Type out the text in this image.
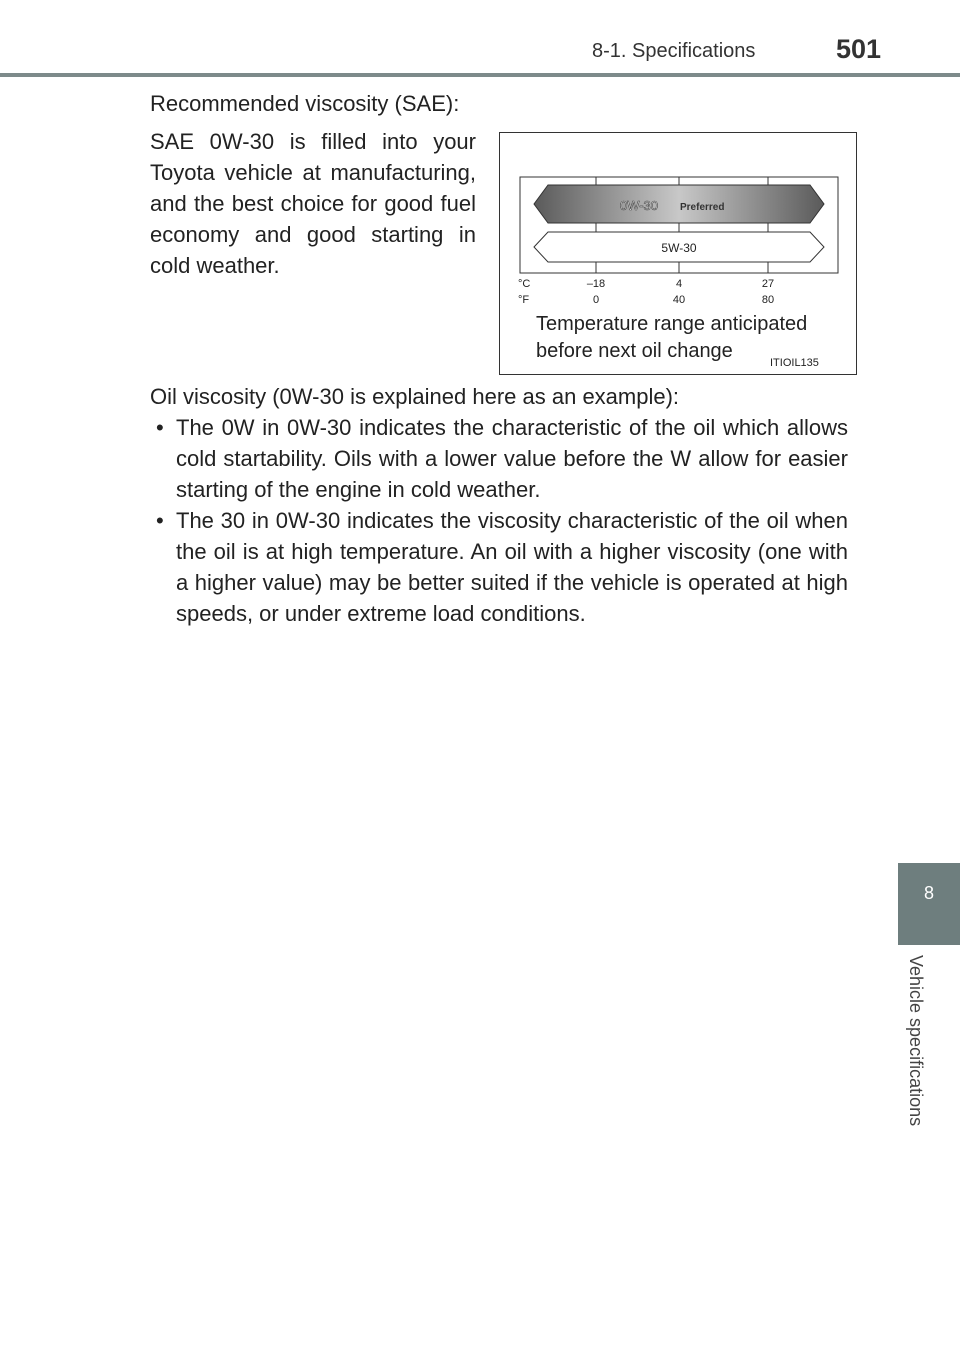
8-1. Specifications	501
8
Vehicle specifications
Recommended viscosity (SAE):
SAE 0W-30 is filled into your Toyota vehicle at manufacturing, and the best choice for good fuel economy and good starting in cold weather.
0W-30 Preferred
5W-30
°C
°F
–18	4	27
0	40	80
Temperature range anticipated
before next oil change
ITIOIL135
Oil viscosity (0W-30 is explained here as an example):
• The 0W in 0W-30 indicates the characteristic of the oil which allows cold startability. Oils with a lower value before the W allow for easier starting of the engine in cold weather.
• The 30 in 0W-30 indicates the viscosity characteristic of the oil when the oil is at high temperature. An oil with a higher viscosity (one with a higher value) may be better suited if the vehicle is operated at high speeds, or under extreme load conditions.
